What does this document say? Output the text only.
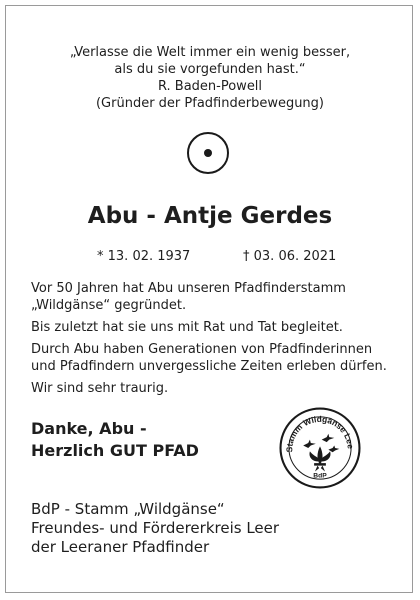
„Verlasse die Welt immer ein wenig besser,
als du sie vorgefunden hast.“
R. Baden-Powell
(Gründer der Pfadfinderbewegung)
Abu - Antje Gerdes
* 13. 02. 1937	† 03. 06. 2021

Vor 50 Jahren hat Abu unseren Pfadfinderstamm
„Wildgänse“ gegründet.

Bis zuletzt hat sie uns mit Rat und Tat begleitet.

Durch Abu haben Generationen von Pfadfinderinnen
und Pfadfindern unvergessliche Zeiten erleben dürfen.

Wir sind sehr traurig.

Danke, Abu -
Herzlich GUT PFAD	Stamm Wildgänse Lee
BdP
BdP - Stamm „Wildgänse“
Freundes- und Fördererkreis Leer
der Leeraner Pfadfinder
